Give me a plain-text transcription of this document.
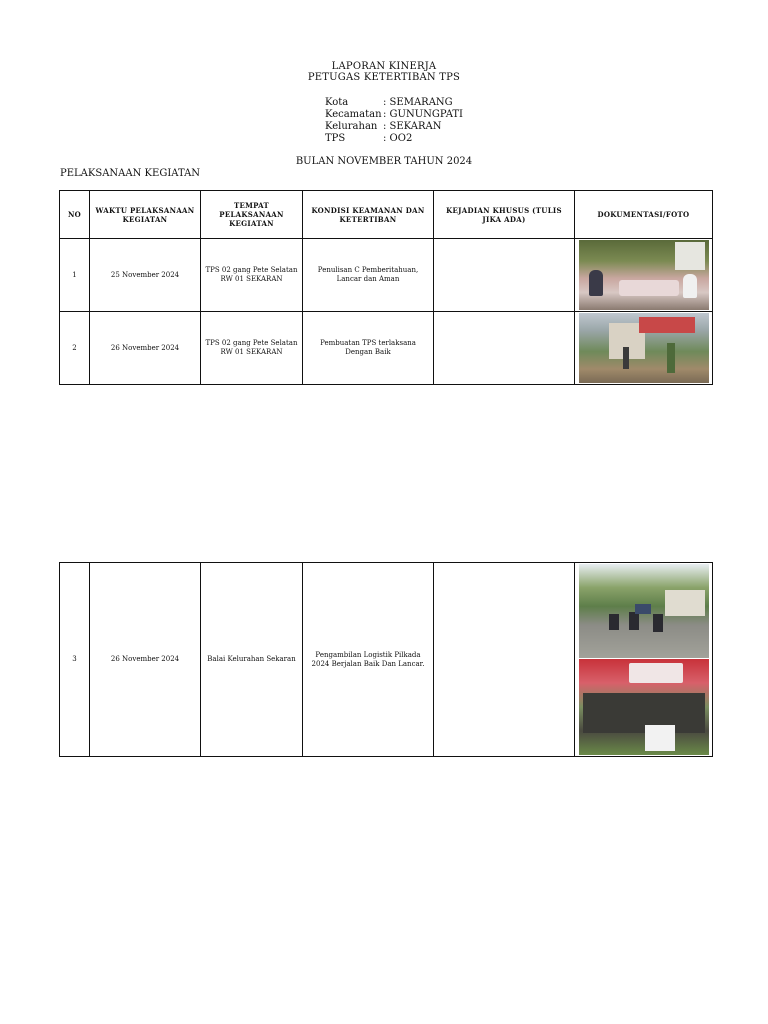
LAPORAN KINERJA
PETUGAS KETERTIBAN TPS
Kota	: SEMARANG
Kecamatan : GUNUNGPATI
Kelurahan : SEKARAN
TPS	: OO2
BULAN NOVEMBER TAHUN 2024
PELAKSANAAN KEGIATAN
NO	WAKTU PELAKSANAAN KEGIATAN	TEMPAT PELAKSANAAN KEGIATAN	KONDISI KEAMANAN DAN KETERTIBAN	KEJADIAN KHUSUS (TULIS JIKA ADA)	DOKUMENTASI/FOTO
1	25 November 2024	TPS 02 gang Pete Selatan RW 01 SEKARAN	Penulisan C Pemberitahuan, Lancar dan Aman		

2	26 November 2024	TPS 02 gang Pete Selatan RW 01 SEKARAN	Pembuatan TPS terlaksana Dengan Baik		
3	26 November 2024	Balai Kelurahan Sekaran	Pengambilan Logistik Pilkada 2024 Berjalan Baik Dan Lancar.		
